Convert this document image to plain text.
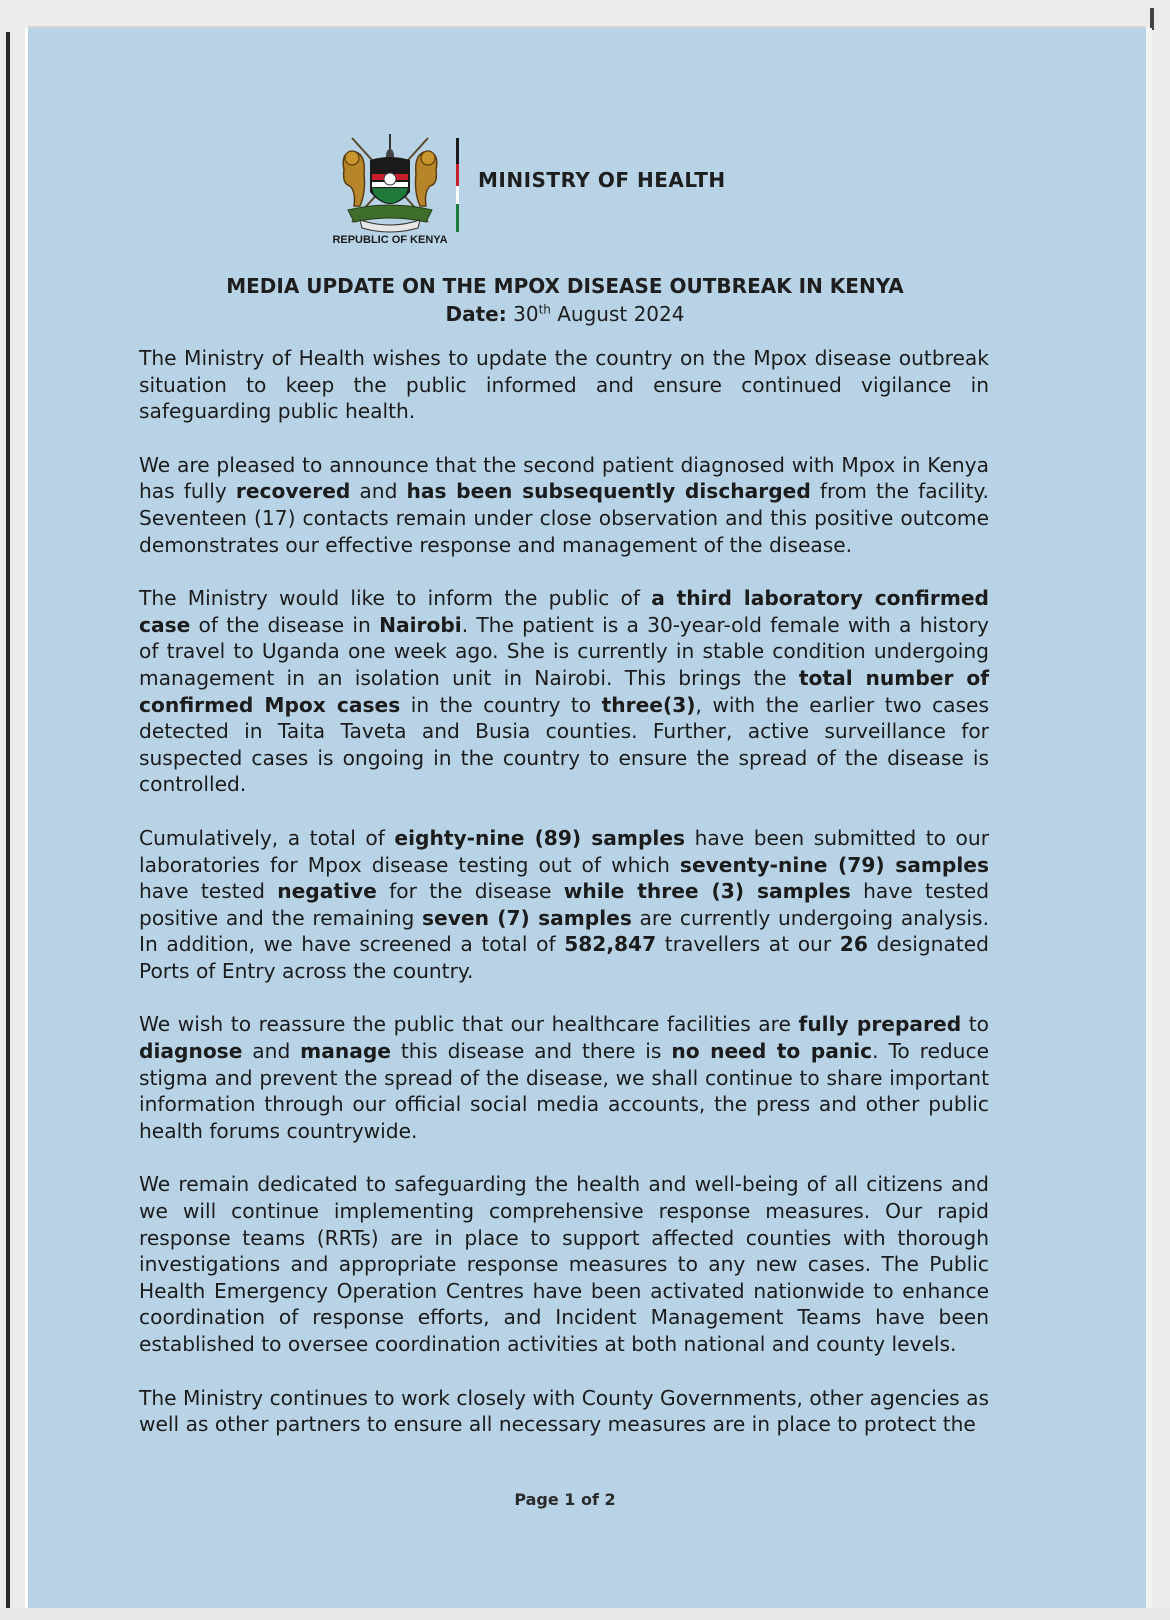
REPUBLIC OF KENYA
MINISTRY OF HEALTH
MEDIA UPDATE ON THE MPOX DISEASE OUTBREAK IN KENYA
Date: 30th August 2024

The Ministry of Health wishes to update the country on the Mpox disease outbreak situation to keep the public informed and ensure continued vigilance in safeguarding public health.

We are pleased to announce that the second patient diagnosed with Mpox in Kenya has fully recovered and has been subsequently discharged from the facility. Seventeen (17) contacts remain under close observation and this positive outcome demonstrates our effective response and management of the disease.

The Ministry would like to inform the public of a third laboratory confirmed case of the disease in Nairobi. The patient is a 30-year-old female with a history of travel to Uganda one week ago. She is currently in stable condition undergoing management in an isolation unit in Nairobi. This brings the total number of confirmed Mpox cases in the country to three(3), with the earlier two cases detected in Taita Taveta and Busia counties. Further, active surveillance for suspected cases is ongoing in the country to ensure the spread of the disease is controlled.

Cumulatively, a total of eighty-nine (89) samples have been submitted to our laboratories for Mpox disease testing out of which seventy-nine (79) samples have tested negative for the disease while three (3) samples have tested positive and the remaining seven (7) samples are currently undergoing analysis. In addition, we have screened a total of 582,847 travellers at our 26 designated Ports of Entry across the country.

We wish to reassure the public that our healthcare facilities are fully prepared to diagnose and manage this disease and there is no need to panic. To reduce stigma and prevent the spread of the disease, we shall continue to share important information through our official social media accounts, the press and other public health forums countrywide.

We remain dedicated to safeguarding the health and well-being of all citizens and we will continue implementing comprehensive response measures. Our rapid response teams (RRTs) are in place to support affected counties with thorough investigations and appropriate response measures to any new cases. The Public Health Emergency Operation Centres have been activated nationwide to enhance coordination of response efforts, and Incident Management Teams have been established to oversee coordination activities at both national and county levels.

The Ministry continues to work closely with County Governments, other agencies as well as other partners to ensure all necessary measures are in place to protect the

Page 1 of 2
